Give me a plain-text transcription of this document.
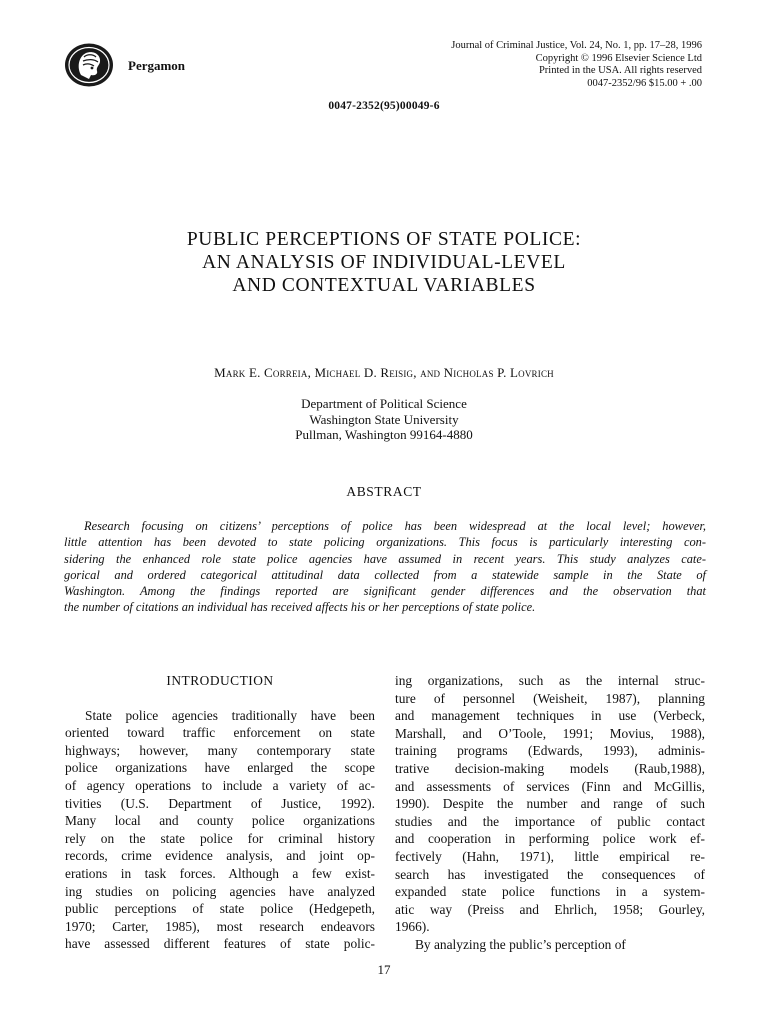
Pergamon
Journal of Criminal Justice, Vol. 24, No. 1, pp. 17–28, 1996
Copyright © 1996 Elsevier Science Ltd
Printed in the USA. All rights reserved
0047-2352/96 $15.00 + .00
0047-2352(95)00049-6
PUBLIC PERCEPTIONS OF STATE POLICE:
AN ANALYSIS OF INDIVIDUAL-LEVEL
AND CONTEXTUAL VARIABLES
Mark E. Correia, Michael D. Reisig, and Nicholas P. Lovrich
Department of Political Science
Washington State University
Pullman, Washington 99164-4880
ABSTRACT
Research focusing on citizens’ perceptions of police has been widespread at the local level; however,
little attention has been devoted to state policing organizations. This focus is particularly interesting con-
sidering the enhanced role state police agencies have assumed in recent years. This study analyzes cate-
gorical and ordered categorical attitudinal data collected from a statewide sample in the State of
Washington. Among the findings reported are significant gender differences and the observation that
the number of citations an individual has received affects his or her perceptions of state police.
INTRODUCTION
State police agencies traditionally have been
oriented toward traffic enforcement on state
highways; however, many contemporary state
police organizations have enlarged the scope
of agency operations to include a variety of ac-
tivities (U.S. Department of Justice, 1992).
Many local and county police organizations
rely on the state police for criminal history
records, crime evidence analysis, and joint op-
erations in task forces. Although a few exist-
ing studies on policing agencies have analyzed
public perceptions of state police (Hedgepeth,
1970; Carter, 1985), most research endeavors
have assessed different features of state polic-
ing organizations, such as the internal struc-
ture of personnel (Weisheit, 1987), planning
and management techniques in use (Verbeck,
Marshall, and O’Toole, 1991; Movius, 1988),
training programs (Edwards, 1993), adminis-
trative decision-making models (Raub,1988),
and assessments of services (Finn and McGillis,
1990). Despite the number and range of such
studies and the importance of public contact
and cooperation in performing police work ef-
fectively (Hahn, 1971), little empirical re-
search has investigated the consequences of
expanded state police functions in a system-
atic way (Preiss and Ehrlich, 1958; Gourley,
1966).
By analyzing the public’s perception of
17
